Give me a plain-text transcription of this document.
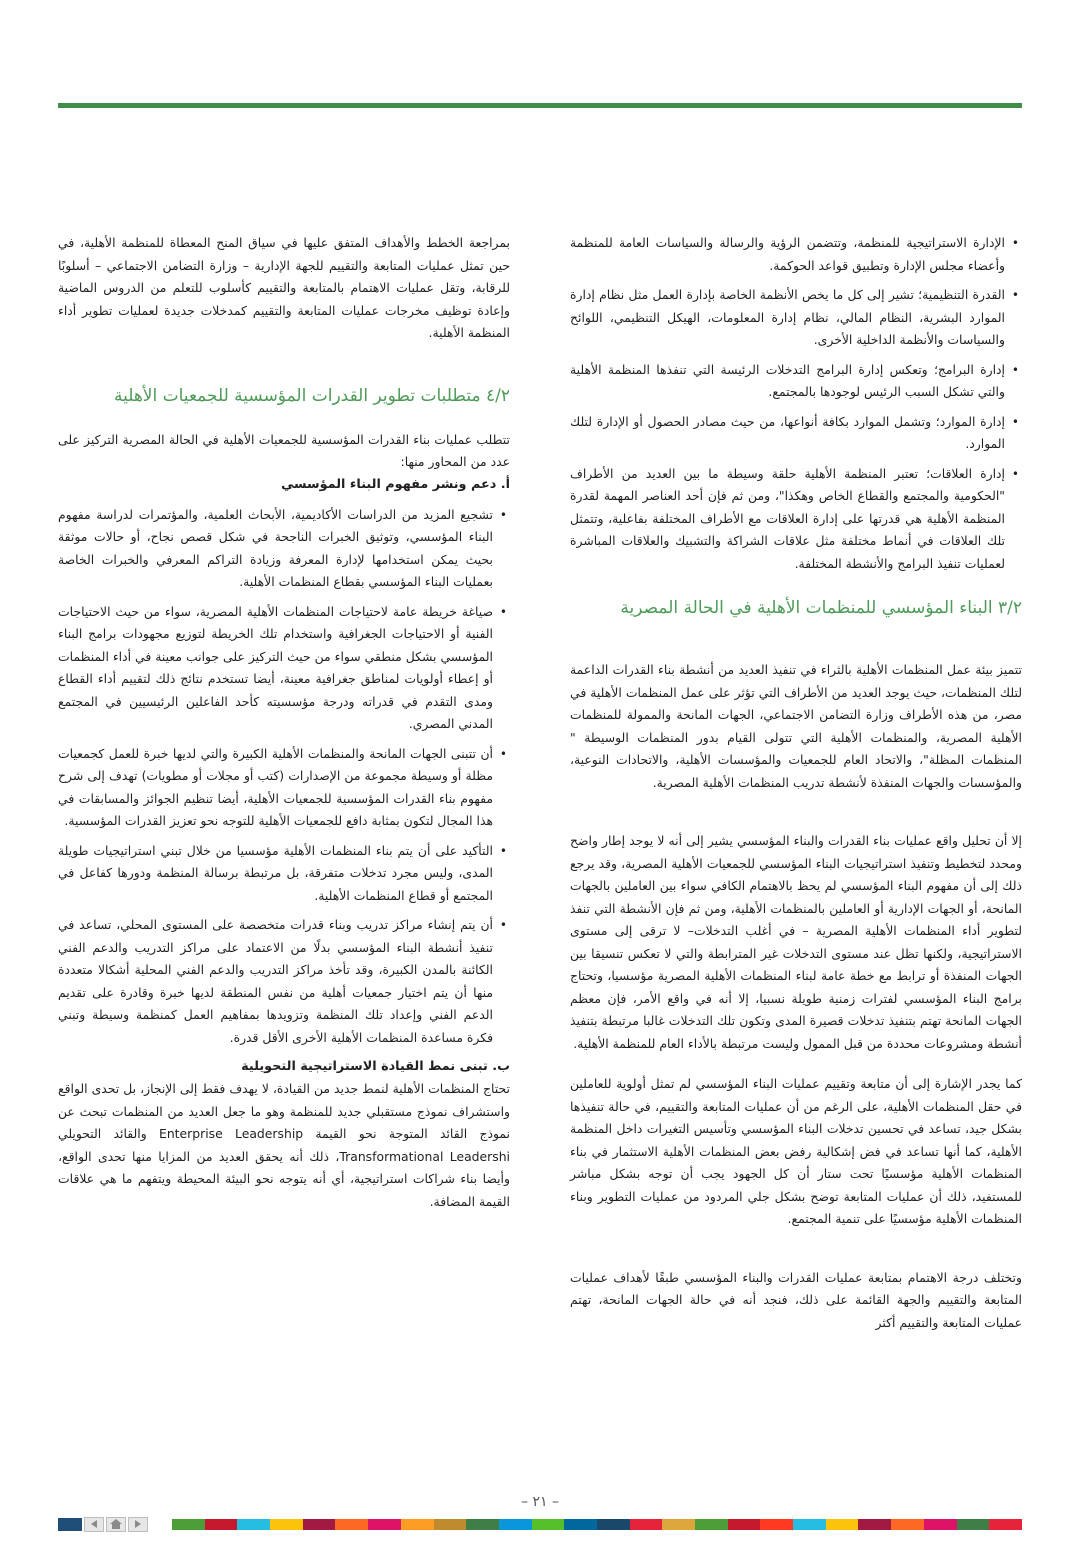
• الإدارة الاستراتيجية للمنظمة، وتتضمن الرؤية والرسالة والسياسات العامة للمنظمة وأعضاء مجلس الإدارة وتطبيق قواعد الحوكمة.
• القدرة التنظيمية؛ تشير إلى كل ما يخص الأنظمة الخاصة بإدارة العمل مثل نظام إدارة الموارد البشرية، النظام المالي، نظام إدارة المعلومات، الهيكل التنظيمي، اللوائح والسياسات والأنظمة الداخلية الأخرى.
• إدارة البرامج؛ وتعكس إدارة البرامج التدخلات الرئيسة التي تنفذها المنظمة الأهلية والتي تشكل السبب الرئيس لوجودها بالمجتمع.
• إدارة الموارد؛ وتشمل الموارد بكافة أنواعها، من حيث مصادر الحصول أو الإدارة لتلك الموارد.
• إدارة العلاقات؛ تعتبر المنظمة الأهلية حلقة وسيطة ما بين العديد من الأطراف "الحكومية والمجتمع والقطاع الخاص وهكذا"، ومن ثم فإن أحد العناصر المهمة لقدرة المنظمة الأهلية هي قدرتها على إدارة العلاقات مع الأطراف المختلفة بفاعلية، وتتمثل تلك العلاقات في أنماط مختلفة مثل علاقات الشراكة والتشبيك والعلاقات المباشرة لعمليات تنفيذ البرامج والأنشطة المختلفة.
٣/٢ البناء المؤسسي للمنظمات الأهلية في الحالة المصرية

تتميز بيئة عمل المنظمات الأهلية بالثراء في تنفيذ العديد من أنشطة بناء القدرات الداعمة لتلك المنظمات، حيث يوجد العديد من الأطراف التي تؤثر على عمل المنظمات الأهلية في مصر، من هذه الأطراف وزارة التضامن الاجتماعي، الجهات المانحة والممولة للمنظمات الأهلية المصرية، والمنظمات الأهلية التي تتولى القيام بدور المنظمات الوسيطة " المنظمات المظلة"، والاتحاد العام للجمعيات والمؤسسات الأهلية، والاتحادات النوعية، والمؤسسات والجهات المنفذة لأنشطة تدريب المنظمات الأهلية المصرية.

إلا أن تحليل واقع عمليات بناء القدرات والبناء المؤسسي يشير إلى أنه لا يوجد إطار واضح ومحدد لتخطيط وتنفيذ استراتيجيات البناء المؤسسي للجمعيات الأهلية المصرية، وقد يرجع ذلك إلى أن مفهوم البناء المؤسسي لم يحظ بالاهتمام الكافي سواء بين العاملين بالجهات المانحة، أو الجهات الإدارية أو العاملين بالمنظمات الأهلية، ومن ثم فإن الأنشطة التي تنفذ لتطوير أداء المنظمات الأهلية المصرية – في أغلب التدخلات– لا ترقى إلى مستوى الاستراتيجية، ولكنها تظل عند مستوى التدخلات غير المترابطة والتي لا تعكس تنسيقا بين الجهات المنفذة أو ترابط مع خطة عامة لبناء المنظمات الأهلية المصرية مؤسسيا، وتحتاج برامج البناء المؤسسي لفترات زمنية طويلة نسبيا، إلا أنه في واقع الأمر، فإن معظم الجهات المانحة تهتم بتنفيذ تدخلات قصيرة المدى وتكون تلك التدخلات غالبا مرتبطة بتنفيذ أنشطة ومشروعات محددة من قبل الممول وليست مرتبطة بالأداء العام للمنظمة الأهلية.

كما يجدر الإشارة إلى أن متابعة وتقييم عمليات البناء المؤسسي لم تمثل أولوية للعاملين في حقل المنظمات الأهلية، على الرغم من أن عمليات المتابعة والتقييم، في حالة تنفيذها بشكل جيد، تساعد في تحسين تدخلات البناء المؤسسي وتأسيس التغيرات داخل المنظمة الأهلية، كما أنها تساعد في فض إشكالية رفض بعض المنظمات الأهلية الاستثمار في بناء المنظمات الأهلية مؤسسيًا تحت ستار أن كل الجهود يجب أن توجه بشكل مباشر للمستفيد، ذلك أن عمليات المتابعة توضح بشكل جلي المردود من عمليات التطوير وبناء المنظمات الأهلية مؤسسيًا على تنمية المجتمع.

وتختلف درجة الاهتمام بمتابعة عمليات القدرات والبناء المؤسسي طبقًا لأهداف عمليات المتابعة والتقييم والجهة القائمة على ذلك، فنجد أنه في حالة الجهات المانحة، تهتم عمليات المتابعة والتقييم أكثر

بمراجعة الخطط والأهداف المتفق عليها في سياق المنح المعطاة للمنظمة الأهلية، في حين تمثل عمليات المتابعة والتقييم للجهة الإدارية – وزارة التضامن الاجتماعي – أسلوبًا للرقابة، وتقل عمليات الاهتمام بالمتابعة والتقييم كأسلوب للتعلم من الدروس الماضية وإعادة توظيف مخرجات عمليات المتابعة والتقييم كمدخلات جديدة لعمليات تطوير أداء المنظمة الأهلية.

٤/٢ متطلبات تطوير القدرات المؤسسية للجمعيات الأهلية

تتطلب عمليات بناء القدرات المؤسسية للجمعيات الأهلية في الحالة المصرية التركيز على عدد من المحاور منها:

أ. دعم ونشر مفهوم البناء المؤسسي
• تشجيع المزيد من الدراسات الأكاديمية، الأبحاث العلمية، والمؤتمرات لدراسة مفهوم البناء المؤسسي، وتوثيق الخبرات الناجحة في شكل قصص نجاح، أو حالات موثقة بحيث يمكن استخدامها لإدارة المعرفة وزيادة التراكم المعرفي والخبرات الخاصة بعمليات البناء المؤسسي بقطاع المنظمات الأهلية.
• صياغة خريطة عامة لاحتياجات المنظمات الأهلية المصرية، سواء من حيث الاحتياجات الفنية أو الاحتياجات الجغرافية واستخدام تلك الخريطة لتوزيع مجهودات برامج البناء المؤسسي بشكل منطقي سواء من حيث التركيز على جوانب معينة في أداء المنظمات أو إعطاء أولويات لمناطق جغرافية معينة، أيضا تستخدم نتائج ذلك لتقييم أداء القطاع ومدى التقدم في قدراته ودرجة مؤسسيته كأحد الفاعلين الرئيسيين في المجتمع المدني المصري.
• أن تتبنى الجهات المانحة والمنظمات الأهلية الكبيرة والتي لديها خبرة للعمل كجمعيات مظلة أو وسيطة مجموعة من الإصدارات (كتب أو مجلات أو مطويات) تهدف إلى شرح مفهوم بناء القدرات المؤسسية للجمعيات الأهلية، أيضا تنظيم الجوائز والمسابقات في هذا المجال لتكون بمثابة دافع للجمعيات الأهلية للتوجه نحو تعزيز القدرات المؤسسية.
• التأكيد على أن يتم بناء المنظمات الأهلية مؤسسيا من خلال تبني استراتيجيات طويلة المدى، وليس مجرد تدخلات متفرقة، بل مرتبطة برسالة المنظمة ودورها كفاعل في المجتمع أو قطاع المنظمات الأهلية.
• أن يتم إنشاء مراكز تدريب وبناء قدرات متخصصة على المستوى المحلي، تساعد في تنفيذ أنشطة البناء المؤسسي بدلًا من الاعتماد على مراكز التدريب والدعم الفني الكائنة بالمدن الكبيرة، وقد تأخذ مراكز التدريب والدعم الفني المحلية أشكالا متعددة منها أن يتم اختيار جمعيات أهلية من نفس المنطقة لديها خبرة وقادرة على تقديم الدعم الفني وإعداد تلك المنظمة وتزويدها بمفاهيم العمل كمنظمة وسيطة وتبني فكرة مساعدة المنظمات الأهلية الأخرى الأقل قدرة.
ب. تبنى نمط القيادة الاستراتيجية التحويلية

تحتاج المنظمات الأهلية لنمط جديد من القيادة، لا يهدف فقط إلى الإنجاز، بل تحدى الواقع واستشراف نموذج مستقبلي جديد للمنظمة وهو ما جعل العديد من المنظمات تبحث عن نموذج القائد المتوجة نحو القيمة Enterprise Leadership والقائد التحويلي Transformational Leadershi، ذلك أنه يحقق العديد من المزايا منها تحدى الواقع، وأيضا بناء شراكات استراتيجية، أي أنه يتوجه نحو البيئة المحيطة ويتفهم ما هي علاقات القيمة المضافة.

– ٢١ –
